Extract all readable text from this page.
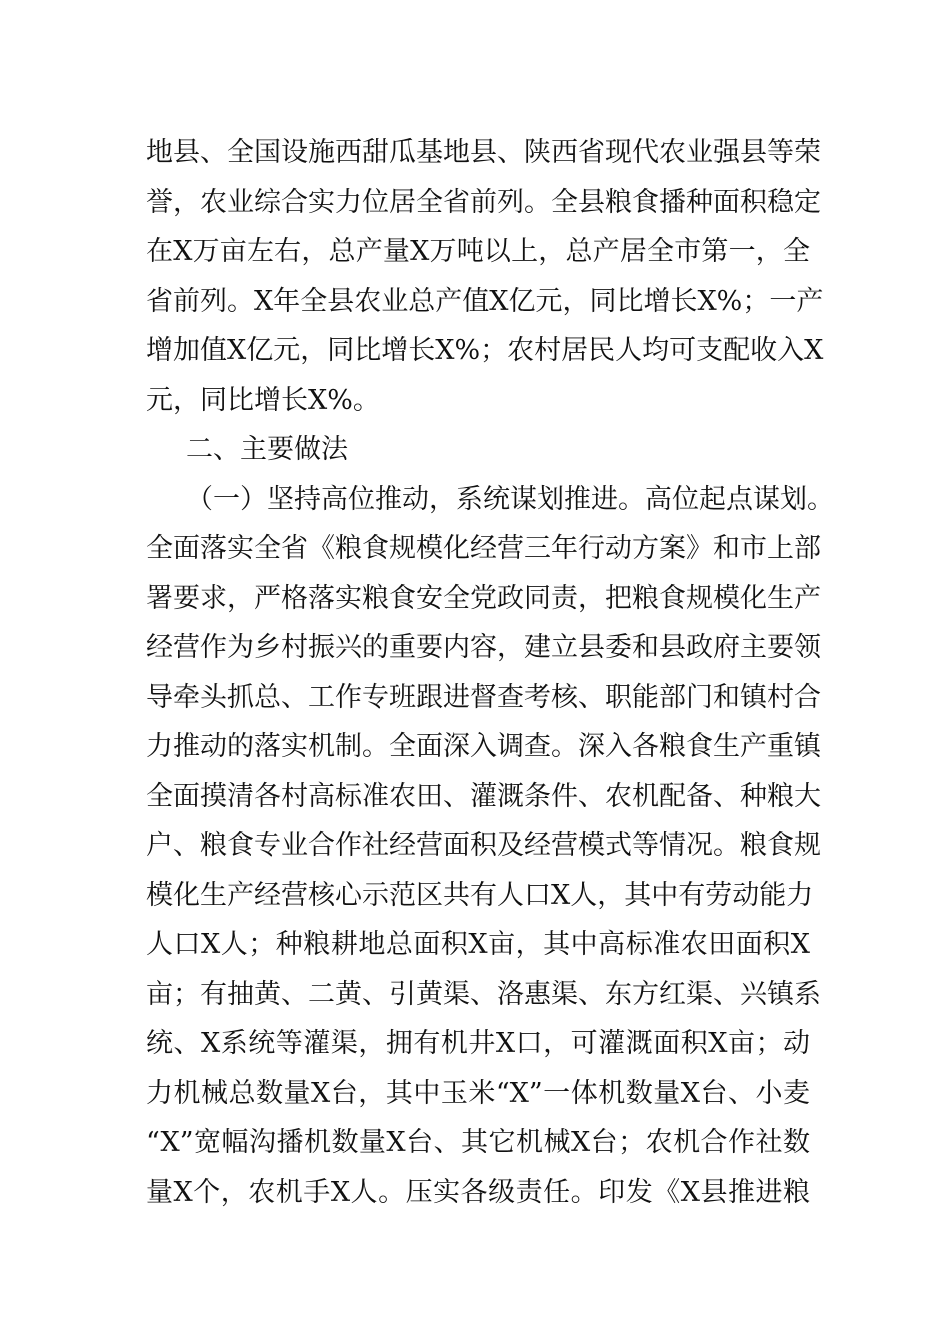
地县、全国设施西甜瓜基地县、陕西省现代农业强县等荣
誉，农业综合实力位居全省前列。全县粮食播种面积稳定
在X万亩左右，总产量X万吨以上，总产居全市第一，全
省前列。X年全县农业总产值X亿元，同比增长X%；一产
增加值X亿元，同比增长X%；农村居民人均可支配收入X
元，同比增长X%。
二、主要做法
（一）坚持高位推动，系统谋划推进。高位起点谋划。
全面落实全省《粮食规模化经营三年行动方案》和市上部
署要求，严格落实粮食安全党政同责，把粮食规模化生产
经营作为乡村振兴的重要内容，建立县委和县政府主要领
导牵头抓总、工作专班跟进督查考核、职能部门和镇村合
力推动的落实机制。全面深入调查。深入各粮食生产重镇
全面摸清各村高标准农田、灌溉条件、农机配备、种粮大
户、粮食专业合作社经营面积及经营模式等情况。粮食规
模化生产经营核心示范区共有人口X人，其中有劳动能力
人口X人；种粮耕地总面积X亩，其中高标准农田面积X
亩；有抽黄、二黄、引黄渠、洛惠渠、东方红渠、兴镇系
统、X系统等灌渠，拥有机井X口，可灌溉面积X亩；动
力机械总数量X台，其中玉米“X”一体机数量X台、小麦
“X”宽幅沟播机数量X台、其它机械X台；农机合作社数
量X个，农机手X人。压实各级责任。印发《X县推进粮
